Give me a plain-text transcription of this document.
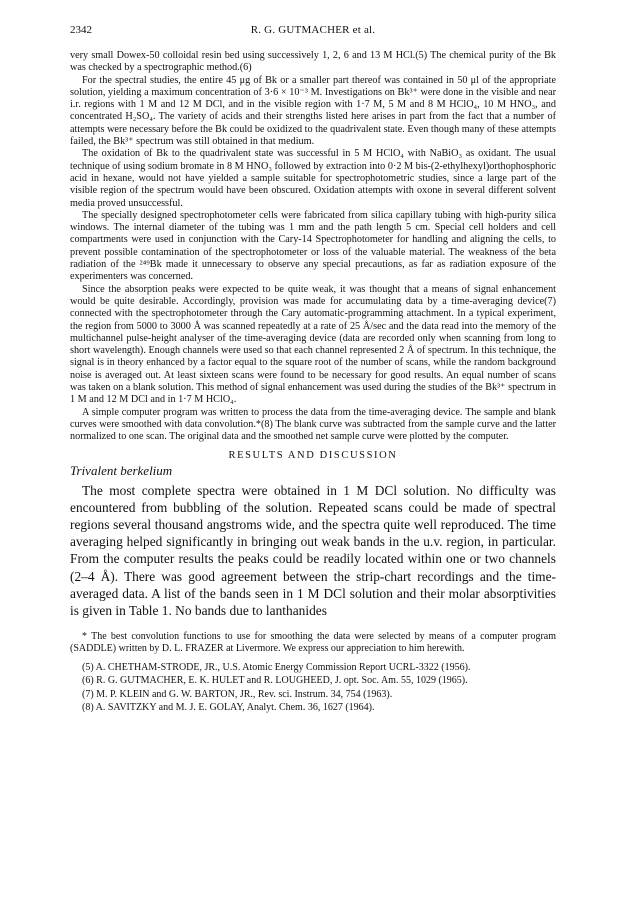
2342	R. G. GUTMACHER et al.

very small Dowex-50 colloidal resin bed using successively 1, 2, 6 and 13 M HCl.(5) The chemical purity of the Bk was checked by a spectrographic method.(6)

For the spectral studies, the entire 45 μg of Bk or a smaller part thereof was contained in 50 μl of the appropriate solution, yielding a maximum concentration of 3·6 × 10⁻³ M. Investigations on Bk³⁺ were done in the visible and near i.r. regions with 1 M and 12 M DCl, and in the visible region with 1·7 M, 5 M and 8 M HClO₄, 10 M HNO₃, and concentrated H₂SO₄. The variety of acids and their strengths listed here arises in part from the fact that a number of attempts were necessary before the Bk could be oxidized to the quadrivalent state. Even though many of these attempts failed, the Bk³⁺ spectrum was still obtained in that medium.

The oxidation of Bk to the quadrivalent state was successful in 5 M HClO₄ with NaBiO₃ as oxidant. The usual technique of using sodium bromate in 8 M HNO₃ followed by extraction into 0·2 M bis-(2-ethylhexyl)orthophosphoric acid in hexane, would not have yielded a sample suitable for spectrophotometric studies, since a large part of the visible region of the spectrum would have been obscured. Oxidation attempts with oxone in several different solvent media proved unsuccessful.

The specially designed spectrophotometer cells were fabricated from silica capillary tubing with high-purity silica windows. The internal diameter of the tubing was 1 mm and the path length 5 cm. Special cell holders and cell compartments were used in conjunction with the Cary-14 Spectrophotometer for handling and aligning the cells, to prevent possible contamination of the spectrophotometer or loss of the valuable material. The weakness of the beta radiation of the ²⁴⁹Bk made it unnecessary to observe any special precautions, as far as radiation exposure of the experimenters was concerned.

Since the absorption peaks were expected to be quite weak, it was thought that a means of signal enhancement would be quite desirable. Accordingly, provision was made for accumulating data by a time-averaging device(7) connected with the spectrophotometer through the Cary automatic-programming attachment. In a typical experiment, the region from 5000 to 3000 Å was scanned repeatedly at a rate of 25 Å/sec and the data read into the memory of the multichannel pulse-height analyser of the time-averaging device (data are recorded only when scanning from long to short wavelength). Enough channels were used so that each channel represented 2 Å of spectrum. In this technique, the signal is in theory enhanced by a factor equal to the square root of the number of scans, while the random background noise is averaged out. At least sixteen scans were found to be necessary for good results. An equal number of scans was taken on a blank solution. This method of signal enhancement was used during the studies of the Bk³⁺ spectrum in 1 M and 12 M DCl and in 1·7 M HClO₄.

A simple computer program was written to process the data from the time-averaging device. The sample and blank curves were smoothed with data convolution.*(8) The blank curve was subtracted from the sample curve and the latter normalized to one scan. The original data and the smoothed net sample curve were plotted by the computer.

RESULTS AND DISCUSSION
Trivalent berkelium

The most complete spectra were obtained in 1 M DCl solution. No difficulty was encountered from bubbling of the solution. Repeated scans could be made of spectral regions several thousand angstroms wide, and the spectra quite well reproduced. The time averaging helped significantly in bringing out weak bands in the u.v. region, in particular. From the computer results the peaks could be readily located within one or two channels (2–4 Å). There was good agreement between the strip-chart recordings and the time-averaged data. A list of the bands seen in 1 M DCl solution and their molar absorptivities is given in Table 1. No bands due to lanthanides

* The best convolution functions to use for smoothing the data were selected by means of a computer program (SADDLE) written by D. L. FRAZER at Livermore. We express our appreciation to him herewith.

(5) A. CHETHAM-STRODE, JR., U.S. Atomic Energy Commission Report UCRL-3322 (1956).

(6) R. G. GUTMACHER, E. K. HULET and R. LOUGHEED, J. opt. Soc. Am. 55, 1029 (1965).

(7) M. P. KLEIN and G. W. BARTON, JR., Rev. sci. Instrum. 34, 754 (1963).

(8) A. SAVITZKY and M. J. E. GOLAY, Analyt. Chem. 36, 1627 (1964).
